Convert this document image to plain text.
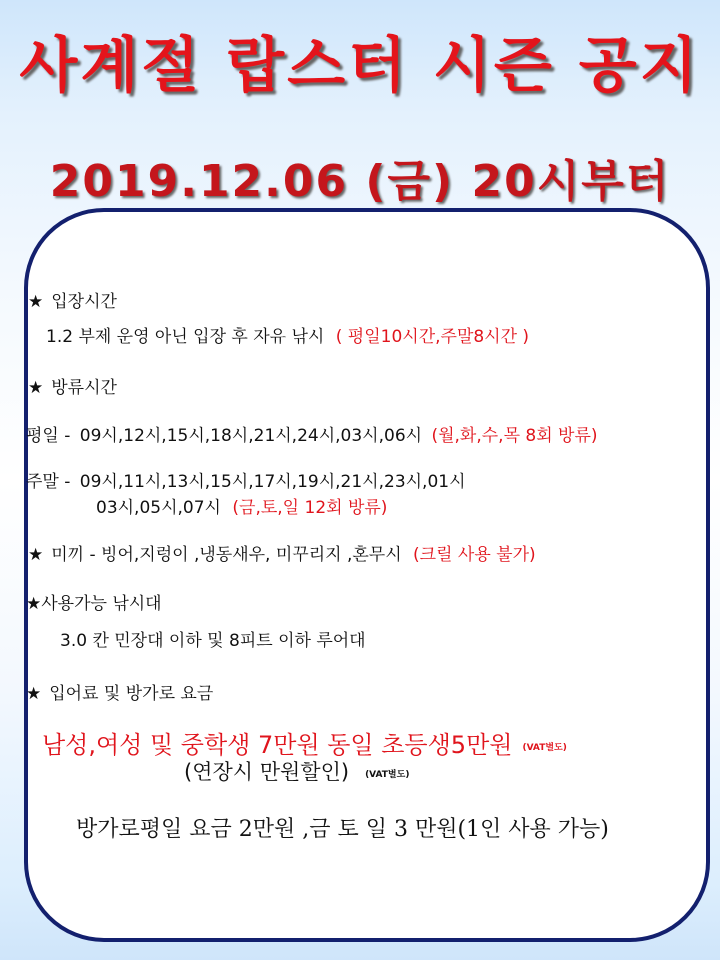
사계절 랍스터 시즌 공지
2019.12.06 (금) 20시부터
★ 입장시간
1.2 부제 운영 아닌 입장 후 자유 낚시 ( 평일10시간,주말8시간 )
★ 방류시간
평일 - 09시,12시,15시,18시,21시,24시,03시,06시 (월,화,수,목 8회 방류)
주말 - 09시,11시,13시,15시,17시,19시,21시,23시,01시
03시,05시,07시 (금,토,일 12회 방류)
★ 미끼 - 빙어,지렁이 ,냉동새우, 미꾸리지 ,혼무시 (크릴 사용 불가)
★사용가능 낚시대
3.0 칸 민장대 이하 및 8피트 이하 루어대
★ 입어료 및 방가로 요금
남성,여성 및 중학생 7만원 동일 초등생5만원 (VAT별도)
(연장시 만원할인) (VAT별도)
방가로평일 요금 2만원 ,금 토 일 3 만원(1인 사용 가능)
